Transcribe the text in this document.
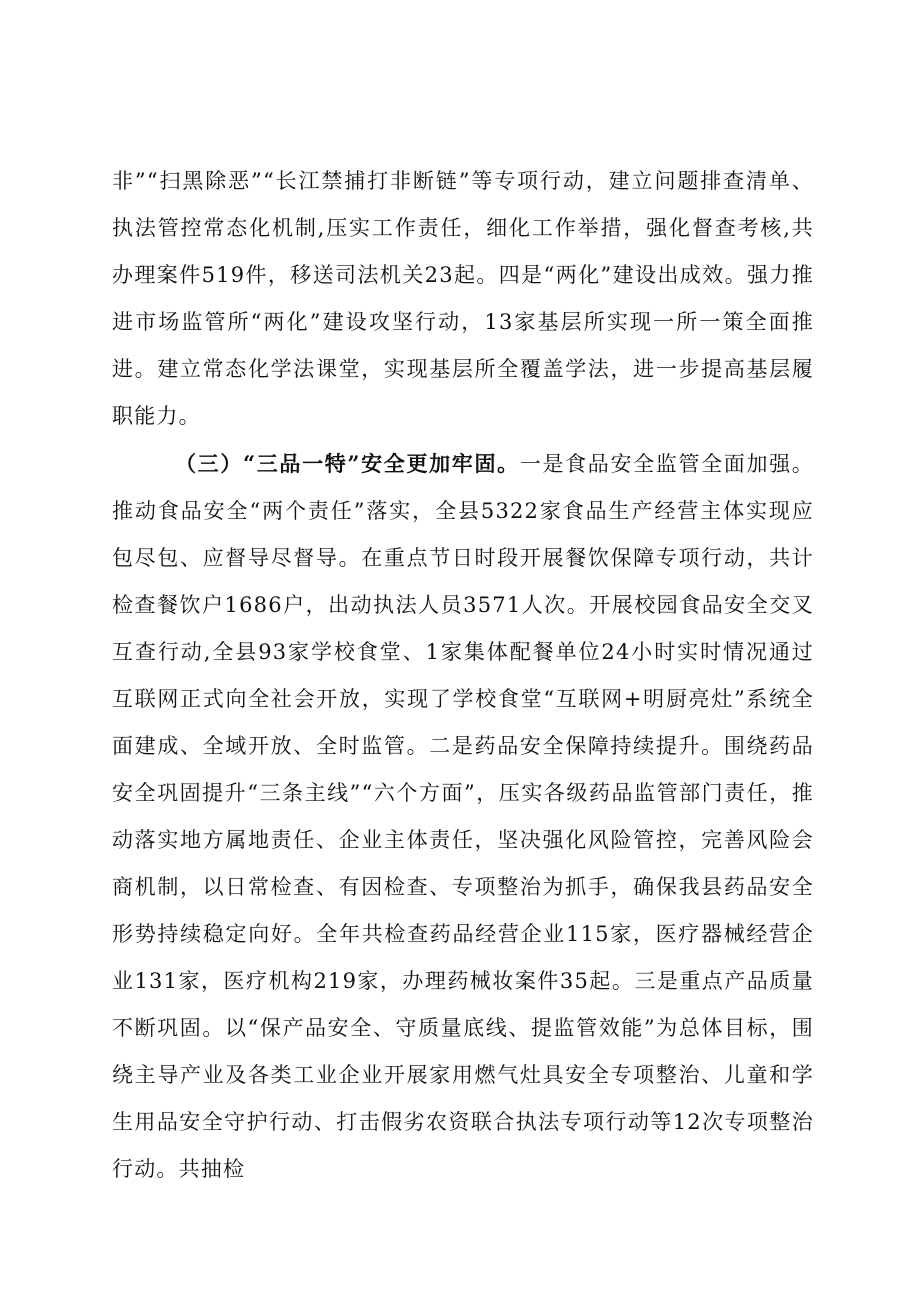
非”“扫黑除恶”“长江禁捕打非断链”等专项行动，建立问题排查清单、执法管控常态化机制,压实工作责任，细化工作举措，强化督查考核,共办理案件519件，移送司法机关23起。四是“两化”建设出成效。强力推进市场监管所“两化”建设攻坚行动，13家基层所实现一所一策全面推进。建立常态化学法课堂，实现基层所全覆盖学法，进一步提高基层履职能力。

（三）“三品一特”安全更加牢固。一是食品安全监管全面加强。推动食品安全“两个责任”落实，全县5322家食品生产经营主体实现应包尽包、应督导尽督导。在重点节日时段开展餐饮保障专项行动，共计检查餐饮户1686户，出动执法人员3571人次。开展校园食品安全交叉互查行动,全县93家学校食堂、1家集体配餐单位24小时实时情况通过互联网正式向全社会开放，实现了学校食堂“互联网+明厨亮灶”系统全面建成、全域开放、全时监管。二是药品安全保障持续提升。围绕药品安全巩固提升“三条主线”“六个方面”，压实各级药品监管部门责任，推动落实地方属地责任、企业主体责任，坚决强化风险管控，完善风险会商机制，以日常检查、有因检查、专项整治为抓手，确保我县药品安全形势持续稳定向好。全年共检查药品经营企业115家，医疗器械经营企业131家，医疗机构219家，办理药械妆案件35起。三是重点产品质量不断巩固。以“保产品安全、守质量底线、提监管效能”为总体目标，围绕主导产业及各类工业企业开展家用燃气灶具安全专项整治、儿童和学生用品安全守护行动、打击假劣农资联合执法专项行动等12次专项整治行动。共抽检
